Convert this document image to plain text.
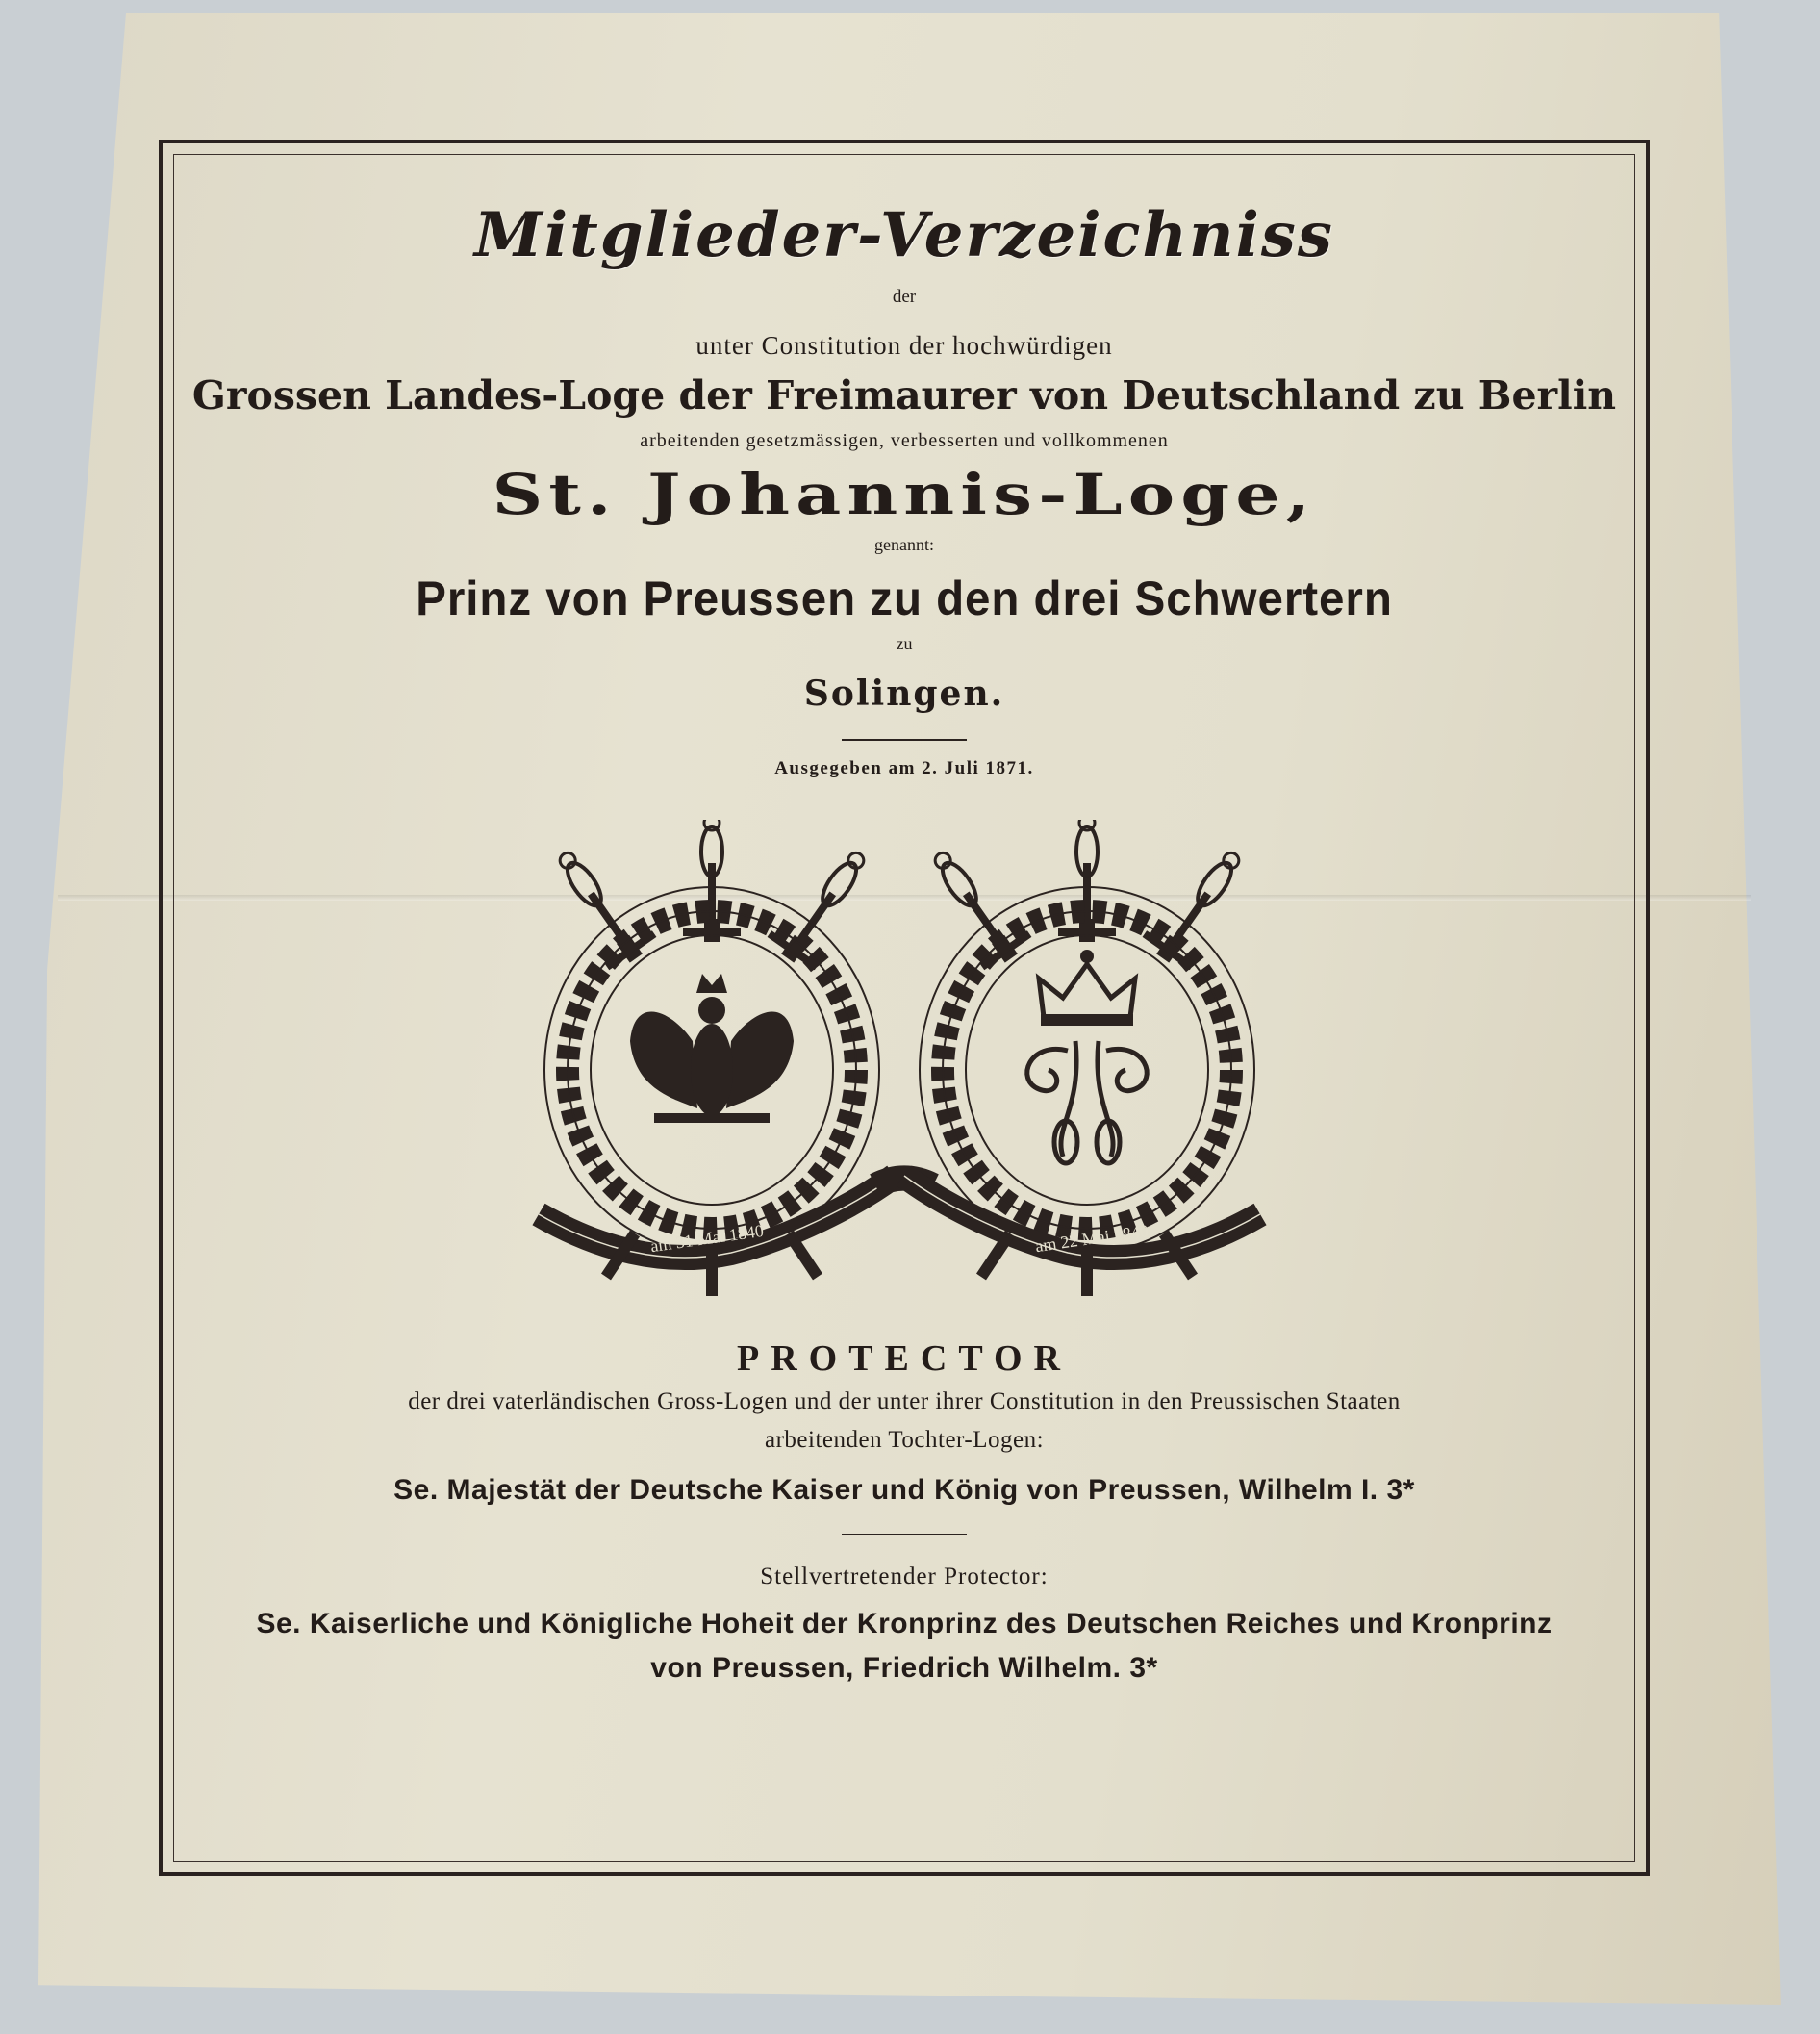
Mitglieder-Verzeichniss
der
unter Constitution der hochwürdigen
Grossen Landes-Loge der Freimaurer von Deutschland zu Berlin
arbeitenden gesetzmässigen, verbesserten und vollkommenen
St. Johannis-Loge,
genannt:
Prinz von Preussen zu den drei Schwertern
zu
Solingen.
Ausgegeben am 2. Juli 1871.
am 31 Mai 1840	am 22 Mai 1840
PROTECTOR
der drei vaterländischen Gross-Logen und der unter ihrer Constitution in den Preussischen Staaten
arbeitenden Tochter-Logen:
Se. Majestät der Deutsche Kaiser und König von Preussen, Wilhelm I. 3*
Stellvertretender Protector:
Se. Kaiserliche und Königliche Hoheit der Kronprinz des Deutschen Reiches und Kronprinz
von Preussen, Friedrich Wilhelm. 3*
